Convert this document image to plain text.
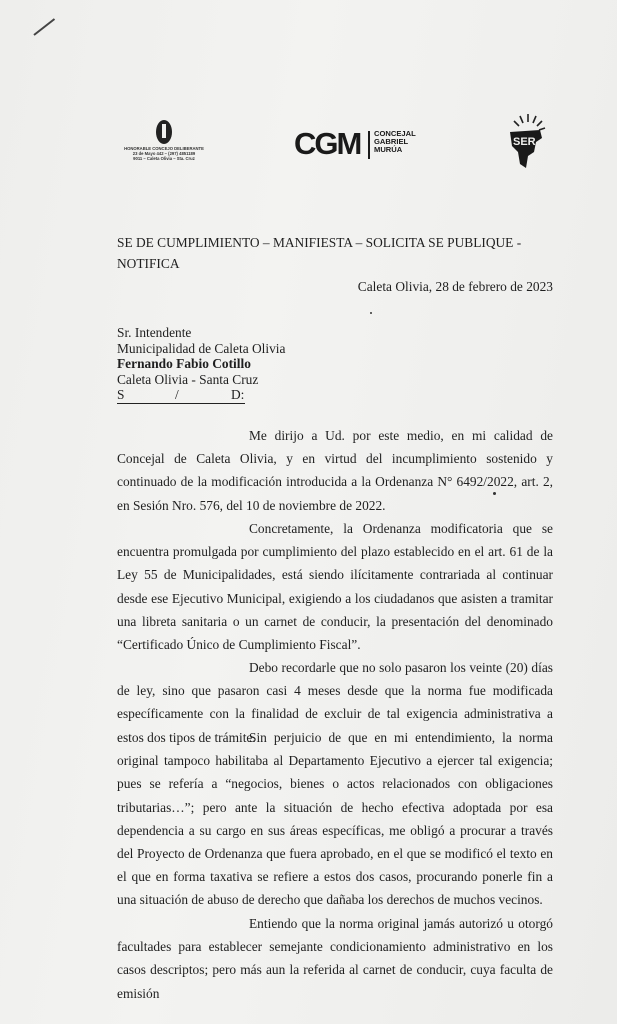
HONORABLE CONCEJO DELIBERANTE
23 de Mayo 442 – (297) 4851189
9011 – Caleta Olivia – Sta. Cruz	CGM CONCEJAL
GABRIEL
MURÚA
SER
SE DE CUMPLIMIENTO – MANIFIESTA – SOLICITA SE PUBLIQUE - NOTIFICA
Caleta Olivia, 28 de febrero de 2023
Sr. Intendente
Municipalidad de Caleta Olivia
Fernando Fabio Cotillo
Caleta Olivia - Santa Cruz
S	/	D:

Me dirijo a Ud. por este medio, en mi calidad de Concejal de Caleta Olivia, y en virtud del incumplimiento sostenido y continuado de la modificación introducida a la Ordenanza N° 6492/2022, art. 2, en Sesión Nro. 576, del 10 de noviembre de 2022.

Concretamente, la Ordenanza modificatoria que se encuentra promulgada por cumplimiento del plazo establecido en el art. 61 de la Ley 55 de Municipalidades, está siendo ilícitamente contrariada al continuar desde ese Ejecutivo Municipal, exigiendo a los ciudadanos que asisten a tramitar una libreta sanitaria o un carnet de conducir, la presentación del denominado “Certificado Único de Cumplimiento Fiscal”.

Debo recordarle que no solo pasaron los veinte (20) días de ley, sino que pasaron casi 4 meses desde que la norma fue modificada específicamente con la finalidad de excluir de tal exigencia administrativa a estos dos tipos de trámite.

Sin perjuicio de que en mi entendimiento, la norma original tampoco habilitaba al Departamento Ejecutivo a ejercer tal exigencia; pues se refería a “negocios, bienes o actos relacionados con obligaciones tributarias…”; pero ante la situación de hecho efectiva adoptada por esa dependencia a su cargo en sus áreas específicas, me obligó a procurar a través del Proyecto de Ordenanza que fuera aprobado, en el que se modificó el texto en el que en forma taxativa se refiere a estos dos casos, procurando ponerle fin a una situación de abuso de derecho que dañaba los derechos de muchos vecinos.

Entiendo que la norma original jamás autorizó u otorgó facultades para establecer semejante condicionamiento administrativo en los casos descriptos; pero más aun la referida al carnet de conducir, cuya faculta de emisión
